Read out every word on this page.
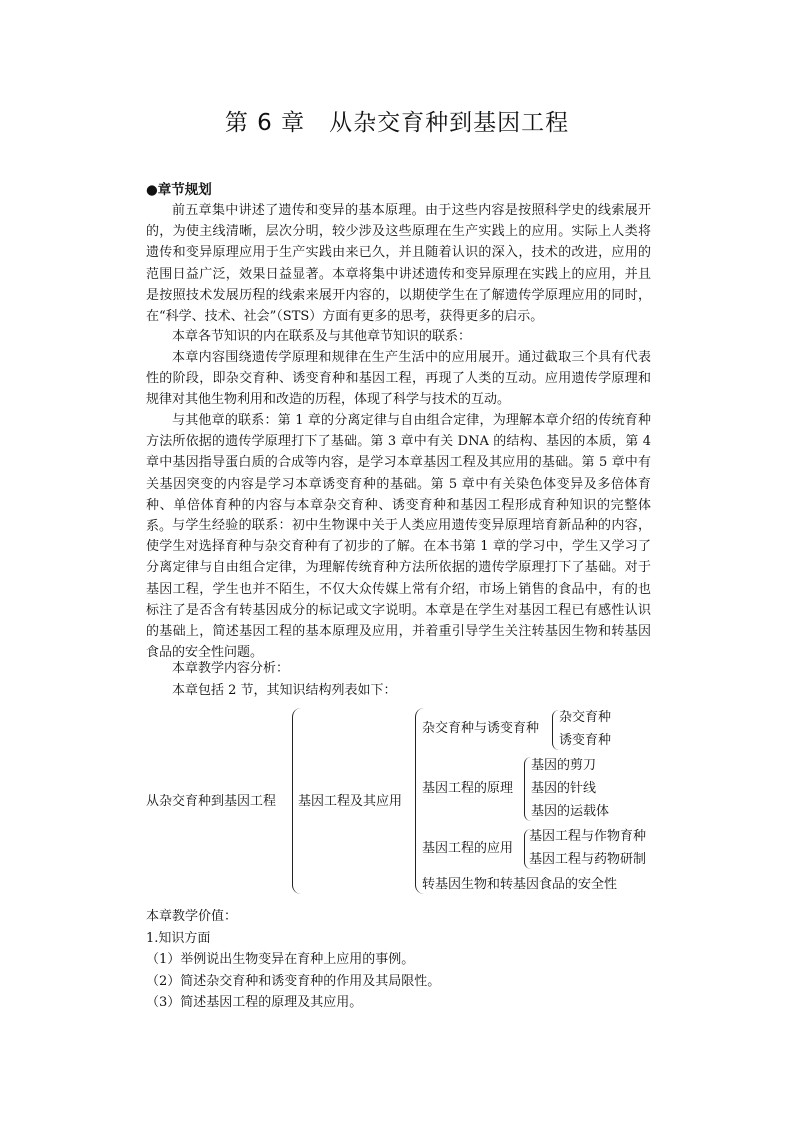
第 6 章　从杂交育种到基因工程
●章节规划

前五章集中讲述了遗传和变异的基本原理。由于这些内容是按照科学史的线索展开的，为使主线清晰，层次分明，较少涉及这些原理在生产实践上的应用。实际上人类将遗传和变异原理应用于生产实践由来已久，并且随着认识的深入，技术的改进，应用的范围日益广泛，效果日益显著。本章将集中讲述遗传和变异原理在实践上的应用，并且是按照技术发展历程的线索来展开内容的，以期使学生在了解遗传学原理应用的同时，在“科学、技术、社会”（STS）方面有更多的思考，获得更多的启示。

本章各节知识的内在联系及与其他章节知识的联系：

本章内容围绕遗传学原理和规律在生产生活中的应用展开。通过截取三个具有代表性的阶段，即杂交育种、诱变育种和基因工程，再现了人类的互动。应用遗传学原理和规律对其他生物利用和改造的历程，体现了科学与技术的互动。

与其他章的联系：第 1 章的分离定律与自由组合定律，为理解本章介绍的传统育种方法所依据的遗传学原理打下了基础。第 3 章中有关 DNA 的结构、基因的本质，第 4 章中基因指导蛋白质的合成等内容，是学习本章基因工程及其应用的基础。第 5 章中有关基因突变的内容是学习本章诱变育种的基础。第 5 章中有关染色体变异及多倍体育种、单倍体育种的内容与本章杂交育种、诱变育种和基因工程形成育种知识的完整体系。 与学生经验的联系：初中生物课中关于人类应用遗传变异原理培育新品种的内容，使学生对选择育种与杂交育种有了初步的了解。在本书第 1 章的学习中，学生又学习了分离定律与自由组合定律，为理解传统育种方法所依据的遗传学原理打下了基础。对于基因工程，学生也并不陌生，不仅大众传媒上常有介绍，市场上销售的食品中，有的也标注了是否含有转基因成分的标记或文字说明。本章是在学生对基因工程已有感性认识的基础上，简述基因工程的基本原理及应用，并着重引导学生关注转基因生物和转基因食品的安全性问题。

本章教学内容分析：
本章包括 2 节，其知识结构列表如下：
从杂交育种到基因工程 基因工程及其应用
杂交育种与诱变育种
杂交育种
诱变育种
基因工程的原理
基因的剪刀
基因的针线
基因的运载体
基因工程的应用
基因工程与作物育种
基因工程与药物研制
转基因生物和转基因食品的安全性
本章教学价值：
1.知识方面
（1）举例说出生物变异在育种上应用的事例。
（2）简述杂交育种和诱变育种的作用及其局限性。
（3）简述基因工程的原理及其应用。
